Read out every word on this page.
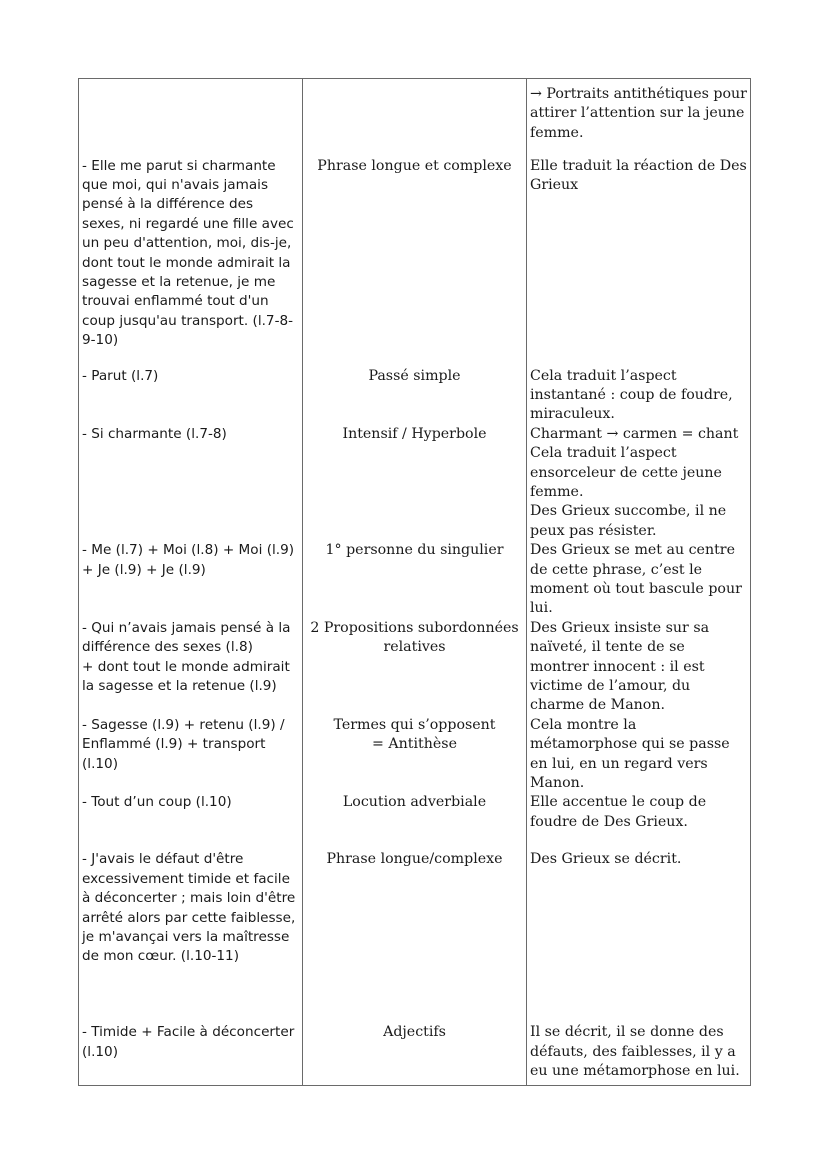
		→ Portraits antithétiques pour attirer l’attention sur la jeune femme.

- Elle me parut si charmante que moi, qui n'avais jamais pensé à la différence des sexes, ni regardé une fille avec un peu d'attention, moi, dis-je, dont tout le monde admirait la sagesse et la retenue, je me trouvai enflammé tout d'un coup jusqu'au transport. (l.7-8-9-10)	Phrase longue et complexe	Elle traduit la réaction de Des Grieux

- Parut (l.7)	Passé simple	Cela traduit l’aspect instantané : coup de foudre, miraculeux.

- Si charmante (l.7-8)	Intensif / Hyperbole	Charmant → carmen = chant
Cela traduit l’aspect ensorceleur de cette jeune femme.
Des Grieux succombe, il ne peux pas résister.

- Me (l.7) + Moi (l.8) + Moi (l.9) + Je (l.9) + Je (l.9)	1° personne du singulier	Des Grieux se met au centre de cette phrase, c’est le moment où tout bascule pour lui.

- Qui n’avais jamais pensé à la différence des sexes (l.8)
+ dont tout le monde admirait la sagesse et la retenue (l.9)	2 Propositions subordonnées relatives	Des Grieux insiste sur sa naïveté, il tente de se montrer innocent : il est victime de l’amour, du charme de Manon.

- Sagesse (l.9) + retenu (l.9) / Enflammé (l.9) + transport (l.10)	Termes qui s’opposent
= Antithèse	Cela montre la métamorphose qui se passe en lui, en un regard vers Manon.

- Tout d’un coup (l.10)	Locution adverbiale	Elle accentue le coup de foudre de Des Grieux.

- J'avais le défaut d'être excessivement timide et facile à déconcerter ; mais loin d'être arrêté alors par cette faiblesse, je m'avançai vers la maîtresse de mon cœur. (l.10-11)	Phrase longue/complexe	Des Grieux se décrit.

- Timide + Facile à déconcerter (l.10)	Adjectifs	Il se décrit, il se donne des défauts, des faiblesses, il y a eu une métamorphose en lui.
